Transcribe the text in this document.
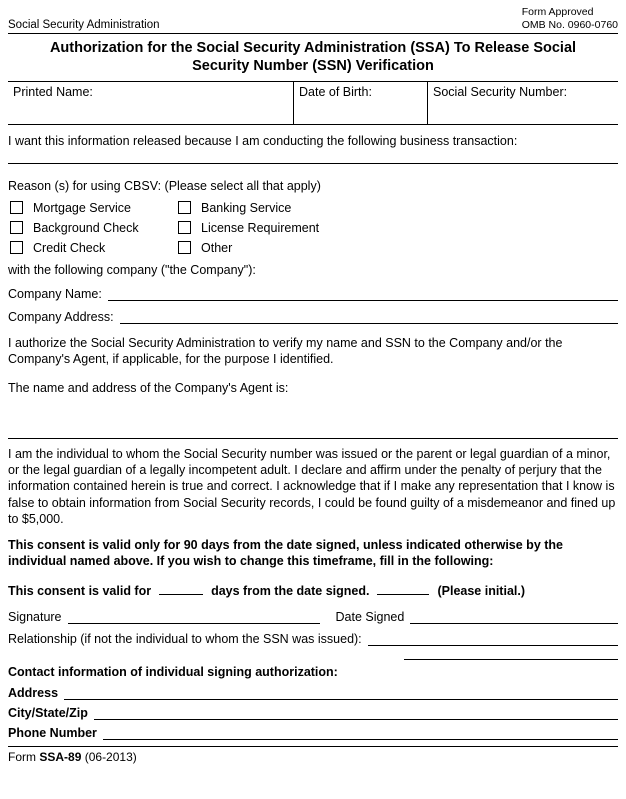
Social Security Administration
Form Approved
OMB No. 0960-0760
Authorization for the Social Security Administration (SSA) To Release Social Security Number (SSN) Verification
Printed Name:	Date of Birth:	Social Security Number:
I want this information released because I am conducting the following business transaction:
Reason (s) for using CBSV: (Please select all that apply)
Mortgage Service	Banking Service
Background Check	License Requirement
Credit Check	Other
with the following company ("the Company"):
Company Name:
Company Address:
I authorize the Social Security Administration to verify my name and SSN to the Company and/or the Company's Agent, if applicable, for the purpose I identified.
The name and address of the Company's Agent is:
I am the individual to whom the Social Security number was issued or the parent or legal guardian of a minor, or the legal guardian of a legally incompetent adult. I declare and affirm under the penalty of perjury that the information contained herein is true and correct. I acknowledge that if I make any representation that I know is false to obtain information from Social Security records, I could be found guilty of a misdemeanor and fined up to $5,000.
This consent is valid only for 90 days from the date signed, unless indicated otherwise by the individual named above. If you wish to change this timeframe, fill in the following:
This consent is valid for	days from the date signed.	(Please initial.)
Signature	Date Signed
Relationship (if not the individual to whom the SSN was issued):
Contact information of individual signing authorization:
Address
City/State/Zip
Phone Number
Form SSA-89 (06-2013)
